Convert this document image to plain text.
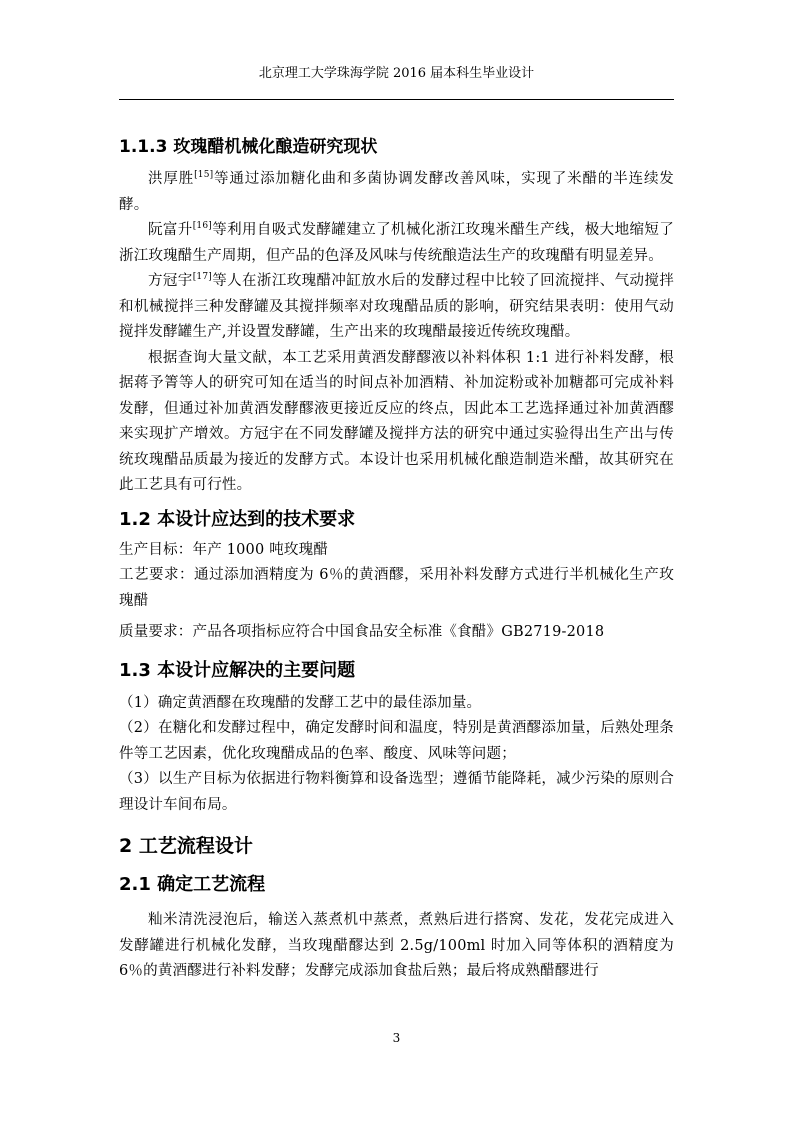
北京理工大学珠海学院 2016 届本科生毕业设计
1.1.3 玫瑰醋机械化酿造研究现状

洪厚胜[15]等通过添加糖化曲和多菌协调发酵改善风味，实现了米醋的半连续发酵。

阮富升[16]等利用自吸式发酵罐建立了机械化浙江玫瑰米醋生产线，极大地缩短了浙江玫瑰醋生产周期，但产品的色泽及风味与传统酿造法生产的玫瑰醋有明显差异。

方冠宇[17]等人在浙江玫瑰醋冲缸放水后的发酵过程中比较了回流搅拌、气动搅拌和机械搅拌三种发酵罐及其搅拌频率对玫瑰醋品质的影响，研究结果表明：使用气动搅拌发酵罐生产,并设置发酵罐，生产出来的玫瑰醋最接近传统玫瑰醋。

根据查询大量文献，本工艺采用黄酒发酵醪液以补料体积 1:1 进行补料发酵，根据蒋予箐等人的研究可知在适当的时间点补加酒精、补加淀粉或补加糖都可完成补料发酵，但通过补加黄酒发酵醪液更接近反应的终点，因此本工艺选择通过补加黄酒醪来实现扩产增效。方冠宇在不同发酵罐及搅拌方法的研究中通过实验得出生产出与传统玫瑰醋品质最为接近的发酵方式。本设计也采用机械化酿造制造米醋，故其研究在此工艺具有可行性。

1.2 本设计应达到的技术要求

生产目标：年产 1000 吨玫瑰醋

工艺要求：通过添加酒精度为 6％的黄酒醪，采用补料发酵方式进行半机械化生产玫瑰醋

质量要求：产品各项指标应符合中国食品安全标准《食醋》GB2719-2018

1.3 本设计应解决的主要问题

（1）确定黄酒醪在玫瑰醋的发酵工艺中的最佳添加量。

（2）在糖化和发酵过程中，确定发酵时间和温度，特别是黄酒醪添加量，后熟处理条件等工艺因素，优化玫瑰醋成品的色率、酸度、风味等问题；

（3）以生产目标为依据进行物料衡算和设备选型；遵循节能降耗，减少污染的原则合理设计车间布局。

2 工艺流程设计
2.1 确定工艺流程

籼米清洗浸泡后，输送入蒸煮机中蒸煮，煮熟后进行搭窝、发花，发花完成进入发酵罐进行机械化发酵，当玫瑰醋醪达到 2.5g/100ml 时加入同等体积的酒精度为 6％的黄酒醪进行补料发酵；发酵完成添加食盐后熟；最后将成熟醋醪进行

3
